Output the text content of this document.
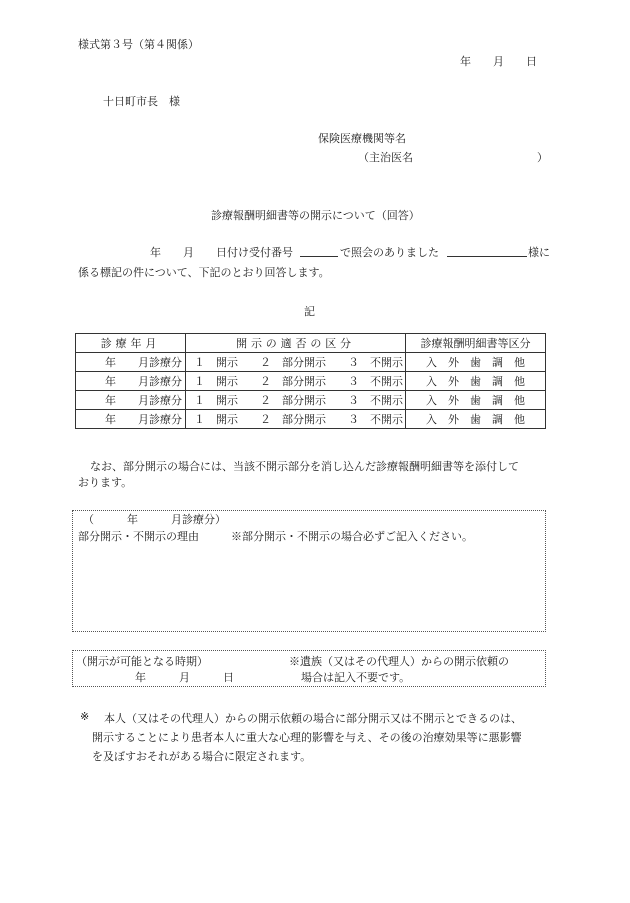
様式第３号（第４関係）
年　　月　　日
十日町市長　様
保険医療機関等名
（主治医名	）
診療報酬明細書等の開示について（回答）
年　　月　　日付け受付番号	で照会のありました	様に
係る標記の件について、下記のとおり回答します。
記
診療年月	開示の適否の区分	診療報酬明細書等区分
年　　月診療分	１　開示　　 ２　部分開示　　 ３　不開示	入　 外　 歯　 調　 他
年　　月診療分	１　開示　　 ２　部分開示　　 ３　不開示	入　 外　 歯　 調　 他
年　　月診療分	１　開示　　 ２　部分開示　　 ３　不開示	入　 外　 歯　 調　 他
年　　月診療分	１　開示　　 ２　部分開示　　 ３　不開示	入　 外　 歯　 調　 他
なお、部分開示の場合には、当該不開示部分を消し込んだ診療報酬明細書等を添付して
おります。
（　　　年　　　月診療分）
部分開示・不開示の理由	※部分開示・不開示の場合必ずご記入ください。
（開示が可能となる時期）
年　　　月　　　日
※遺族（又はその代理人）からの開示依頼の
場合は記入不要です。
※ 本人（又はその代理人）からの開示依頼の場合に部分開示又は不開示とできるのは、
開示することにより患者本人に重大な心理的影響を与え、その後の治療効果等に悪影響
を及ぼすおそれがある場合に限定されます。
